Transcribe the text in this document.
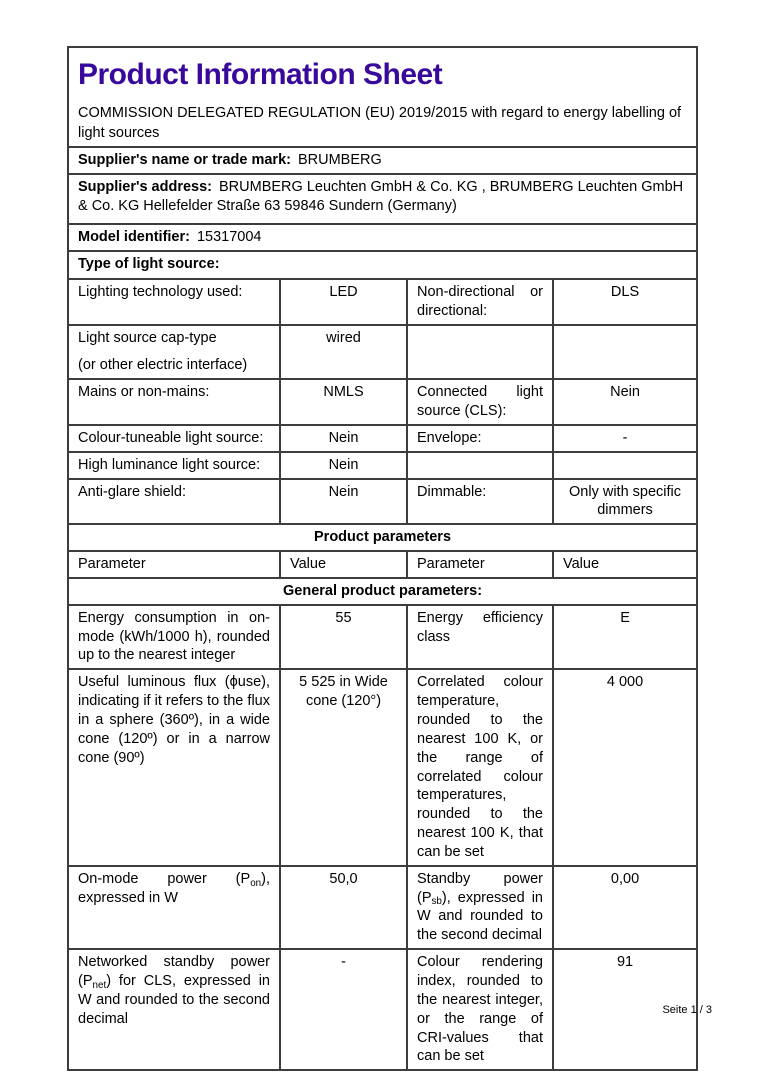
Product Information Sheet
COMMISSION DELEGATED REGULATION (EU) 2019/2015 with regard to energy labelling of light sources			

Supplier's name or trade mark: BRUMBERG			
Supplier's address: BRUMBERG Leuchten GmbH & Co. KG , BRUMBERG Leuchten GmbH & Co. KG Hellefelder Straße 63 59846 Sundern (Germany)			
Model identifier: 15317004			
Type of light source:			
Lighting technology used:	LED	Non-directional or directional:	DLS

Light source cap-type
(or other electric interface)	wired		
Mains or non-mains:	NMLS	Connected light source (CLS):	Nein
Colour-tuneable light source:	Nein	Envelope:	-
High luminance light source:	Nein		
Anti-glare shield:	Nein	Dimmable:	Only with specific dimmers
Product parameters			
Parameter	Value	Parameter	Value
General product parameters:			
Energy consumption in on-mode (kWh/1000 h), rounded up to the nearest integer	55	Energy efficiency class	E
Useful luminous flux (ϕuse), indicating if it refers to the flux in a sphere (360º), in a wide cone (120º) or in a narrow cone (90º)	5 525 in Wide cone (120°)	Correlated colour temperature, rounded to the nearest 100 K, or the range of correlated colour temperatures, rounded to the nearest 100 K, that can be set	4 000
On-mode power $(P_{on})$, expressed in W	50,0	Standby power $(P_{sb})$, expressed in W and rounded to the second decimal	0,00
Networked standby power $(P_{net})$ for CLS, expressed in W and rounded to the second decimal	-	Colour rendering index, rounded to the nearest integer, or the range of CRI-values that can be set	91
Seite 1 / 3
